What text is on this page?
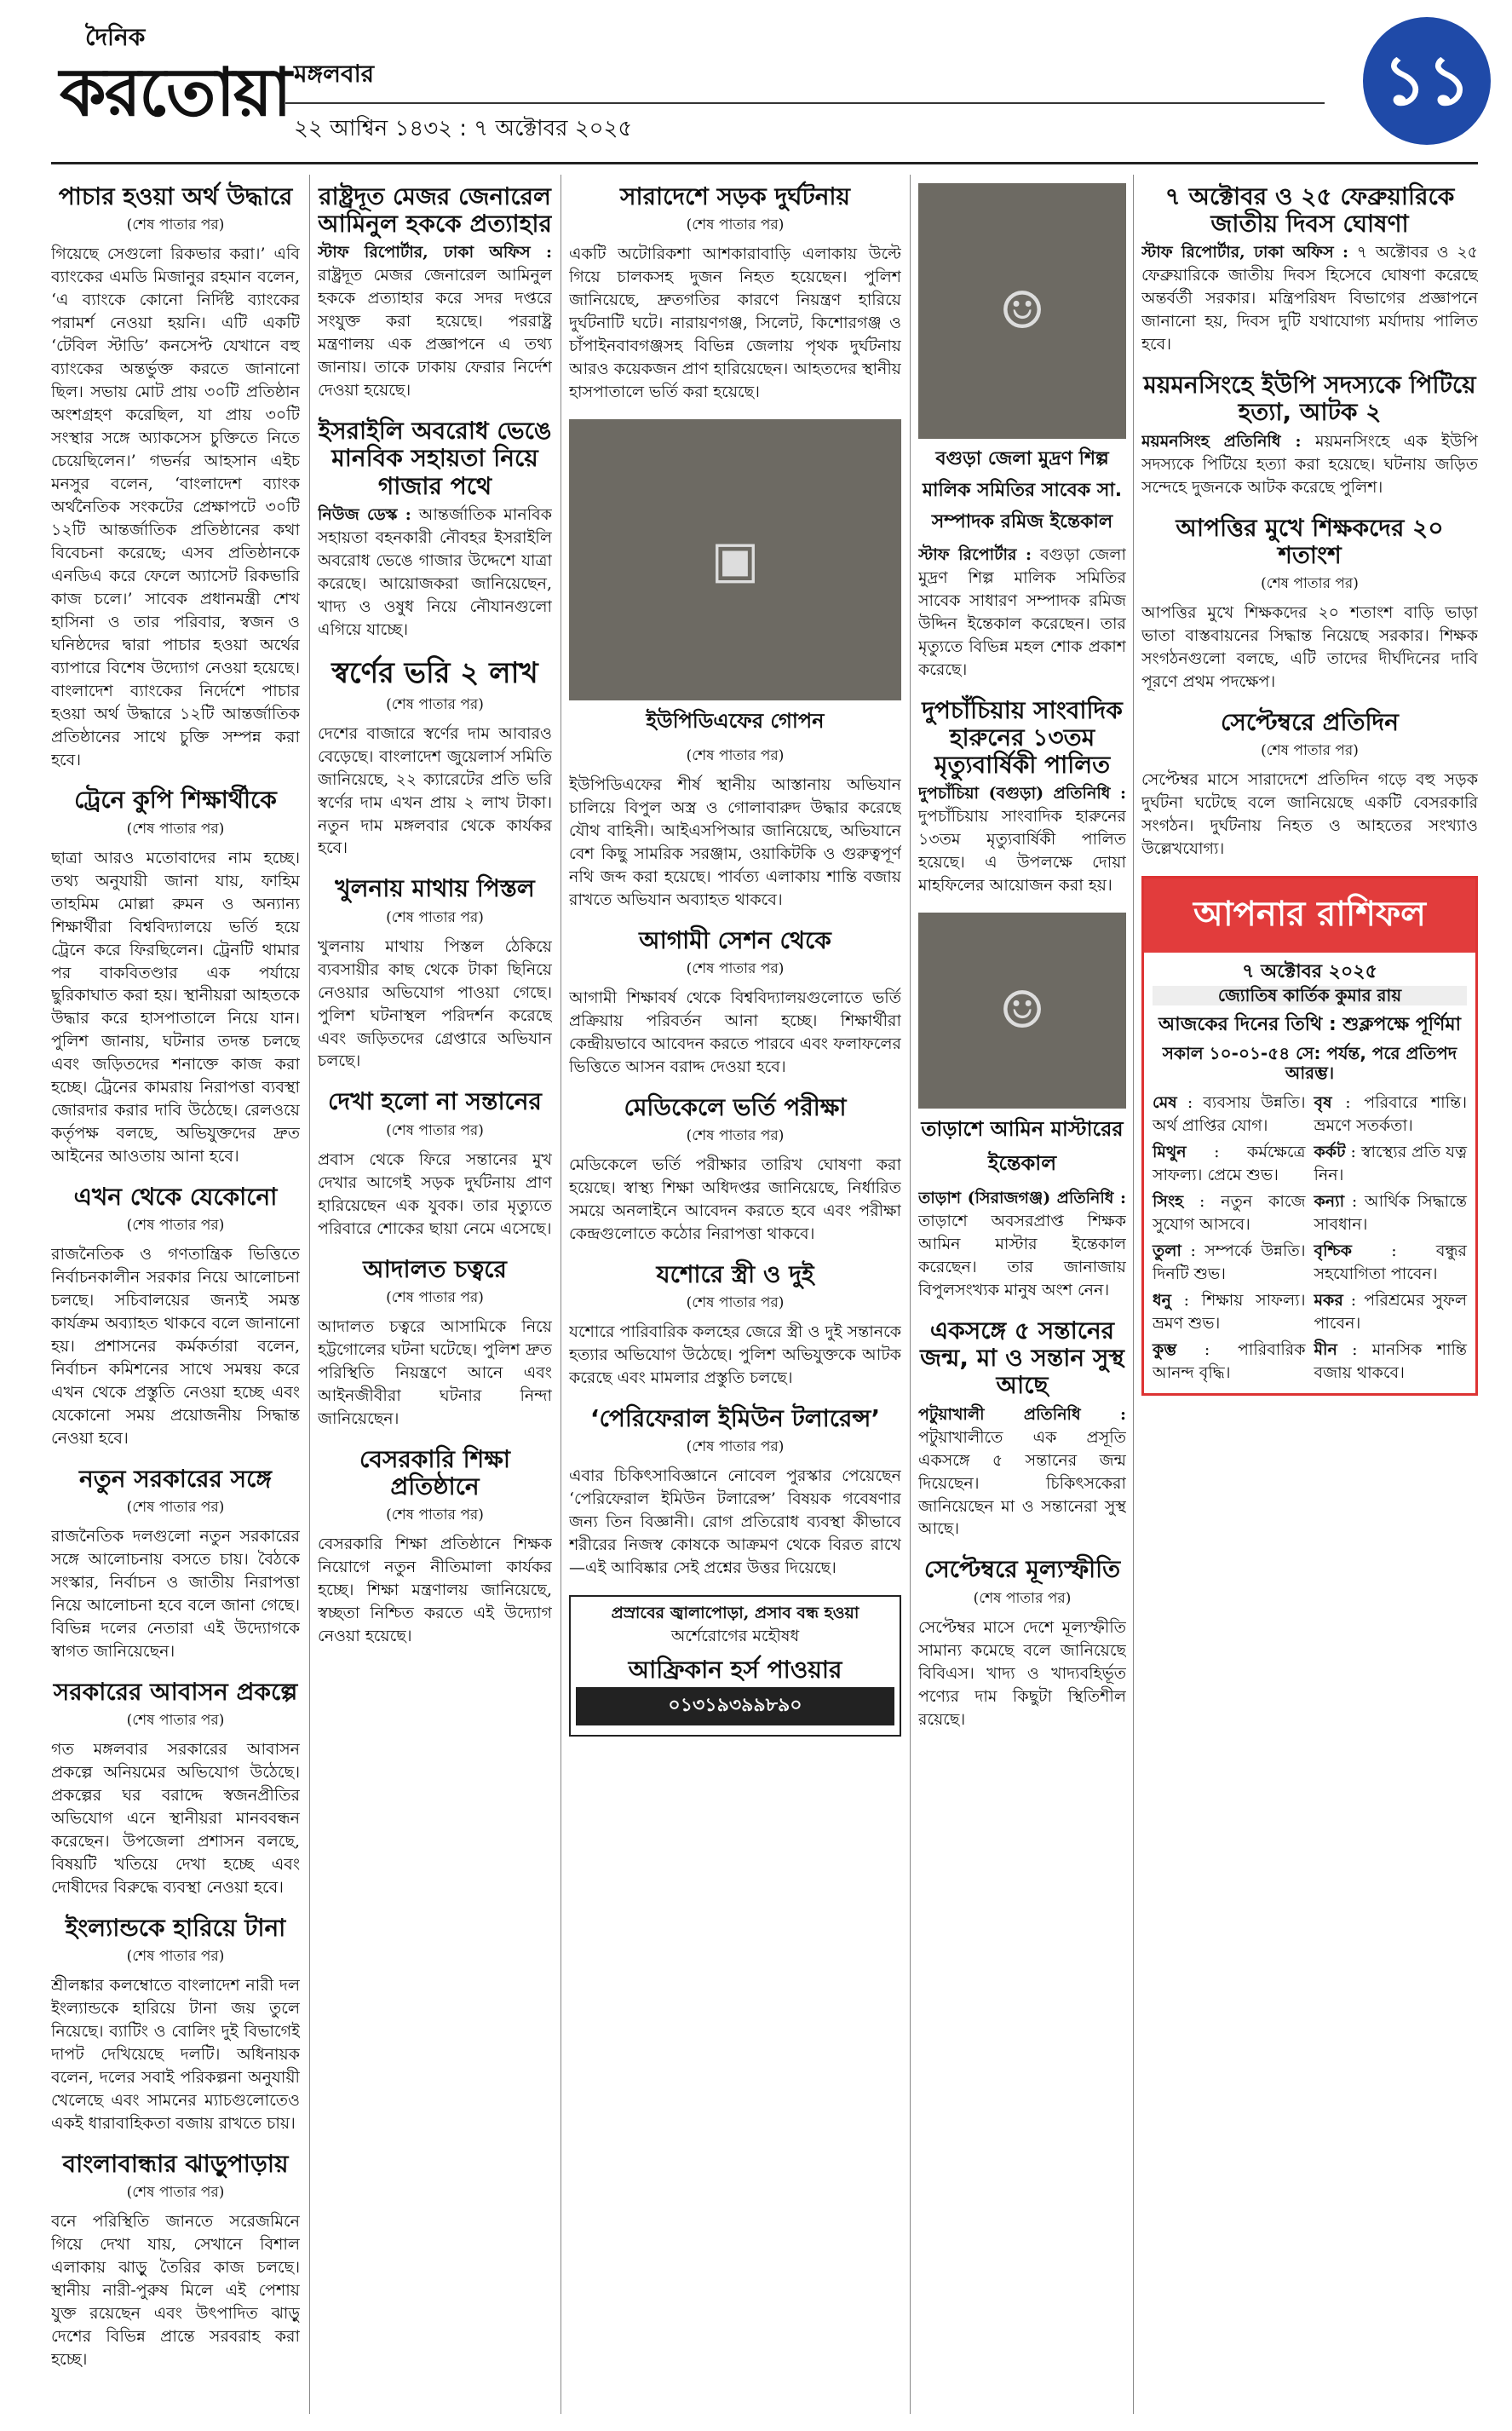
দৈনিক
করতোয়া মঙ্গলবার
২২ আশ্বিন ১৪৩২ : ৭ অক্টোবর ২০২৫
১১
পাচার হওয়া অর্থ উদ্ধারে
(শেষ পাতার পর)

গিয়েছে সেগুলো রিকভার করা।’ এবি ব্যাংকের এমডি মিজানুর রহমান বলেন, ‘এ ব্যাংকে কোনো নির্দিষ্ট ব্যাংকের পরামর্শ নেওয়া হয়নি। এটি একটি ‘টেবিল স্টাডি’ কনসেপ্ট যেখানে বহু ব্যাংকের অন্তর্ভুক্ত করতে জানানো ছিল। সভায় মোট প্রায় ৩০টি প্রতিষ্ঠান অংশগ্রহণ করেছিল, যা প্রায় ৩০টি সংস্থার সঙ্গে অ্যাকসেস চুক্তিতে নিতে চেয়েছিলেন।’ গভর্নর আহসান এইচ মনসুর বলেন, ‘বাংলাদেশ ব্যাংক অর্থনৈতিক সংকটের প্রেক্ষাপটে ৩০টি ১২টি আন্তর্জাতিক প্রতিষ্ঠানের কথা বিবেচনা করেছে; এসব প্রতিষ্ঠানকে এনডিএ করে ফেলে অ্যাসেট রিকভারি কাজ চলে।’ সাবেক প্রধানমন্ত্রী শেখ হাসিনা ও তার পরিবার, স্বজন ও ঘনিষ্ঠদের দ্বারা পাচার হওয়া অর্থের ব্যাপারে বিশেষ উদ্যোগ নেওয়া হয়েছে। বাংলাদেশ ব্যাংকের নির্দেশে পাচার হওয়া অর্থ উদ্ধারে ১২টি আন্তর্জাতিক প্রতিষ্ঠানের সাথে চুক্তি সম্পন্ন করা হবে।

ট্রেনে কুপি শিক্ষার্থীকে
(শেষ পাতার পর)

ছাত্রা আরও মতোবাদের নাম হচ্ছে। তথ্য অনুযায়ী জানা যায়, ফাহিম তাহমিম মোল্লা রুমন ও অন্যান্য শিক্ষার্থীরা বিশ্ববিদ্যালয়ে ভর্তি হয়ে ট্রেনে করে ফিরছিলেন। ট্রেনটি থামার পর বাকবিতণ্ডার এক পর্যায়ে ছুরিকাঘাত করা হয়। স্থানীয়রা আহতকে উদ্ধার করে হাসপাতালে নিয়ে যান। পুলিশ জানায়, ঘটনার তদন্ত চলছে এবং জড়িতদের শনাক্তে কাজ করা হচ্ছে। ট্রেনের কামরায় নিরাপত্তা ব্যবস্থা জোরদার করার দাবি উঠেছে। রেলওয়ে কর্তৃপক্ষ বলছে, অভিযুক্তদের দ্রুত আইনের আওতায় আনা হবে।

এখন থেকে যেকোনো
(শেষ পাতার পর)

রাজনৈতিক ও গণতান্ত্রিক ভিত্তিতে নির্বাচনকালীন সরকার নিয়ে আলোচনা চলছে। সচিবালয়ের জন্যই সমস্ত কার্যক্রম অব্যাহত থাকবে বলে জানানো হয়। প্রশাসনের কর্মকর্তারা বলেন, নির্বাচন কমিশনের সাথে সমন্বয় করে এখন থেকে প্রস্তুতি নেওয়া হচ্ছে এবং যেকোনো সময় প্রয়োজনীয় সিদ্ধান্ত নেওয়া হবে।

নতুন সরকারের সঙ্গে
(শেষ পাতার পর)

রাজনৈতিক দলগুলো নতুন সরকারের সঙ্গে আলোচনায় বসতে চায়। বৈঠকে সংস্কার, নির্বাচন ও জাতীয় নিরাপত্তা নিয়ে আলোচনা হবে বলে জানা গেছে। বিভিন্ন দলের নেতারা এই উদ্যোগকে স্বাগত জানিয়েছেন।

সরকারের আবাসন প্রকল্পে
(শেষ পাতার পর)

গত মঙ্গলবার সরকারের আবাসন প্রকল্পে অনিয়মের অভিযোগ উঠেছে। প্রকল্পের ঘর বরাদ্দে স্বজনপ্রীতির অভিযোগ এনে স্থানীয়রা মানববন্ধন করেছেন। উপজেলা প্রশাসন বলছে, বিষয়টি খতিয়ে দেখা হচ্ছে এবং দোষীদের বিরুদ্ধে ব্যবস্থা নেওয়া হবে।

ইংল্যান্ডকে হারিয়ে টানা
(শেষ পাতার পর)

শ্রীলঙ্কার কলম্বোতে বাংলাদেশ নারী দল ইংল্যান্ডকে হারিয়ে টানা জয় তুলে নিয়েছে। ব্যাটিং ও বোলিং দুই বিভাগেই দাপট দেখিয়েছে দলটি। অধিনায়ক বলেন, দলের সবাই পরিকল্পনা অনুযায়ী খেলেছে এবং সামনের ম্যাচগুলোতেও একই ধারাবাহিকতা বজায় রাখতে চায়।

বাংলাবান্ধার ঝাড়ুপাড়ায়
(শেষ পাতার পর)

বনে পরিস্থিতি জানতে সরেজমিনে গিয়ে দেখা যায়, সেখানে বিশাল এলাকায় ঝাড়ু তৈরির কাজ চলছে। স্থানীয় নারী-পুরুষ মিলে এই পেশায় যুক্ত রয়েছেন এবং উৎপাদিত ঝাড়ু দেশের বিভিন্ন প্রান্তে সরবরাহ করা হচ্ছে।

রাষ্ট্রদূত মেজর জেনারেল আমিনুল হককে প্রত্যাহার

স্টাফ রিপোর্টার, ঢাকা অফিস : রাষ্ট্রদূত মেজর জেনারেল আমিনুল হককে প্রত্যাহার করে সদর দপ্তরে সংযুক্ত করা হয়েছে। পররাষ্ট্র মন্ত্রণালয় এক প্রজ্ঞাপনে এ তথ্য জানায়। তাকে ঢাকায় ফেরার নির্দেশ দেওয়া হয়েছে।

ইসরাইলি অবরোধ ভেঙে মানবিক সহায়তা নিয়ে গাজার পথে

নিউজ ডেস্ক : আন্তর্জাতিক মানবিক সহায়তা বহনকারী নৌবহর ইসরাইলি অবরোধ ভেঙে গাজার উদ্দেশে যাত্রা করেছে। আয়োজকরা জানিয়েছেন, খাদ্য ও ওষুধ নিয়ে নৌযানগুলো এগিয়ে যাচ্ছে।

স্বর্ণের ভরি ২ লাখ
(শেষ পাতার পর)

দেশের বাজারে স্বর্ণের দাম আবারও বেড়েছে। বাংলাদেশ জুয়েলার্স সমিতি জানিয়েছে, ২২ ক্যারেটের প্রতি ভরি স্বর্ণের দাম এখন প্রায় ২ লাখ টাকা। নতুন দাম মঙ্গলবার থেকে কার্যকর হবে।

খুলনায় মাথায় পিস্তল
(শেষ পাতার পর)

খুলনায় মাথায় পিস্তল ঠেকিয়ে ব্যবসায়ীর কাছ থেকে টাকা ছিনিয়ে নেওয়ার অভিযোগ পাওয়া গেছে। পুলিশ ঘটনাস্থল পরিদর্শন করেছে এবং জড়িতদের গ্রেপ্তারে অভিযান চলছে।

দেখা হলো না সন্তানের
(শেষ পাতার পর)

প্রবাস থেকে ফিরে সন্তানের মুখ দেখার আগেই সড়ক দুর্ঘটনায় প্রাণ হারিয়েছেন এক যুবক। তার মৃত্যুতে পরিবারে শোকের ছায়া নেমে এসেছে।

আদালত চত্বরে
(শেষ পাতার পর)

আদালত চত্বরে আসামিকে নিয়ে হট্টগোলের ঘটনা ঘটেছে। পুলিশ দ্রুত পরিস্থিতি নিয়ন্ত্রণে আনে এবং আইনজীবীরা ঘটনার নিন্দা জানিয়েছেন।

বেসরকারি শিক্ষা প্রতিষ্ঠানে
(শেষ পাতার পর)

বেসরকারি শিক্ষা প্রতিষ্ঠানে শিক্ষক নিয়োগে নতুন নীতিমালা কার্যকর হচ্ছে। শিক্ষা মন্ত্রণালয় জানিয়েছে, স্বচ্ছতা নিশ্চিত করতে এই উদ্যোগ নেওয়া হয়েছে।

সারাদেশে সড়ক দুর্ঘটনায়
(শেষ পাতার পর)

একটি অটোরিকশা আশকারাবাড়ি এলাকায় উল্টে গিয়ে চালকসহ দুজন নিহত হয়েছেন। পুলিশ জানিয়েছে, দ্রুতগতির কারণে নিয়ন্ত্রণ হারিয়ে দুর্ঘটনাটি ঘটে। নারায়ণগঞ্জ, সিলেট, কিশোরগঞ্জ ও চাঁপাইনবাবগঞ্জসহ বিভিন্ন জেলায় পৃথক দুর্ঘটনায় আরও কয়েকজন প্রাণ হারিয়েছেন। আহতদের স্থানীয় হাসপাতালে ভর্তি করা হয়েছে।

▣
ইউপিডিএফের গোপন
(শেষ পাতার পর)

ইউপিডিএফের শীর্ষ স্থানীয় আস্তানায় অভিযান চালিয়ে বিপুল অস্ত্র ও গোলাবারুদ উদ্ধার করেছে যৌথ বাহিনী। আইএসপিআর জানিয়েছে, অভিযানে বেশ কিছু সামরিক সরঞ্জাম, ওয়াকিটকি ও গুরুত্বপূর্ণ নথি জব্দ করা হয়েছে। পার্বত্য এলাকায় শান্তি বজায় রাখতে অভিযান অব্যাহত থাকবে।

আগামী সেশন থেকে
(শেষ পাতার পর)

আগামী শিক্ষাবর্ষ থেকে বিশ্ববিদ্যালয়গুলোতে ভর্তি প্রক্রিয়ায় পরিবর্তন আনা হচ্ছে। শিক্ষার্থীরা কেন্দ্রীয়ভাবে আবেদন করতে পারবে এবং ফলাফলের ভিত্তিতে আসন বরাদ্দ দেওয়া হবে।

মেডিকেলে ভর্তি পরীক্ষা
(শেষ পাতার পর)

মেডিকেলে ভর্তি পরীক্ষার তারিখ ঘোষণা করা হয়েছে। স্বাস্থ্য শিক্ষা অধিদপ্তর জানিয়েছে, নির্ধারিত সময়ে অনলাইনে আবেদন করতে হবে এবং পরীক্ষা কেন্দ্রগুলোতে কঠোর নিরাপত্তা থাকবে।

যশোরে স্ত্রী ও দুই
(শেষ পাতার পর)

যশোরে পারিবারিক কলহের জেরে স্ত্রী ও দুই সন্তানকে হত্যার অভিযোগ উঠেছে। পুলিশ অভিযুক্তকে আটক করেছে এবং মামলার প্রস্তুতি চলছে।

‘পেরিফেরাল ইমিউন টলারেন্স’
(শেষ পাতার পর)

এবার চিকিৎসাবিজ্ঞানে নোবেল পুরস্কার পেয়েছেন ‘পেরিফেরাল ইমিউন টলারেন্স’ বিষয়ক গবেষণার জন্য তিন বিজ্ঞানী। রোগ প্রতিরোধ ব্যবস্থা কীভাবে শরীরের নিজস্ব কোষকে আক্রমণ থেকে বিরত রাখে—এই আবিষ্কার সেই প্রশ্নের উত্তর দিয়েছে।

প্রস্রাবের জ্বালাপোড়া, প্রসাব বন্ধ হওয়া
অর্শেরোগের মহৌষধ
আফ্রিকান হর্স পাওয়ার
০১৩১৯৩৯৯৮৯০
☺
বগুড়া জেলা মুদ্রণ শিল্প মালিক সমিতির সাবেক সা. সম্পাদক রমিজ ইন্তেকাল

স্টাফ রিপোর্টার : বগুড়া জেলা মুদ্রণ শিল্প মালিক সমিতির সাবেক সাধারণ সম্পাদক রমিজ উদ্দিন ইন্তেকাল করেছেন। তার মৃত্যুতে বিভিন্ন মহল শোক প্রকাশ করেছে।

দুপচাঁচিয়ায় সাংবাদিক হারুনের ১৩তম মৃত্যুবার্ষিকী পালিত

দুপচাঁচিয়া (বগুড়া) প্রতিনিধি : দুপচাঁচিয়ায় সাংবাদিক হারুনের ১৩তম মৃত্যুবার্ষিকী পালিত হয়েছে। এ উপলক্ষে দোয়া মাহফিলের আয়োজন করা হয়।

☺
তাড়াশে আমিন মাস্টারের ইন্তেকাল

তাড়াশ (সিরাজগঞ্জ) প্রতিনিধি : তাড়াশে অবসরপ্রাপ্ত শিক্ষক আমিন মাস্টার ইন্তেকাল করেছেন। তার জানাজায় বিপুলসংখ্যক মানুষ অংশ নেন।

একসঙ্গে ৫ সন্তানের জন্ম, মা ও সন্তান সুস্থ আছে

পটুয়াখালী প্রতিনিধি : পটুয়াখালীতে এক প্রসূতি একসঙ্গে ৫ সন্তানের জন্ম দিয়েছেন। চিকিৎসকেরা জানিয়েছেন মা ও সন্তানেরা সুস্থ আছে।

সেপ্টেম্বরে মূল্যস্ফীতি
(শেষ পাতার পর)

সেপ্টেম্বর মাসে দেশে মূল্যস্ফীতি সামান্য কমেছে বলে জানিয়েছে বিবিএস। খাদ্য ও খাদ্যবহির্ভূত পণ্যের দাম কিছুটা স্থিতিশীল রয়েছে।

৭ অক্টোবর ও ২৫ ফেব্রুয়ারিকে জাতীয় দিবস ঘোষণা

স্টাফ রিপোর্টার, ঢাকা অফিস : ৭ অক্টোবর ও ২৫ ফেব্রুয়ারিকে জাতীয় দিবস হিসেবে ঘোষণা করেছে অন্তর্বর্তী সরকার। মন্ত্রিপরিষদ বিভাগের প্রজ্ঞাপনে জানানো হয়, দিবস দুটি যথাযোগ্য মর্যাদায় পালিত হবে।

ময়মনসিংহে ইউপি সদস্যকে পিটিয়ে হত্যা, আটক ২

ময়মনসিংহ প্রতিনিধি : ময়মনসিংহে এক ইউপি সদস্যকে পিটিয়ে হত্যা করা হয়েছে। ঘটনায় জড়িত সন্দেহে দুজনকে আটক করেছে পুলিশ।

আপত্তির মুখে শিক্ষকদের ২০ শতাংশ
(শেষ পাতার পর)

আপত্তির মুখে শিক্ষকদের ২০ শতাংশ বাড়ি ভাড়া ভাতা বাস্তবায়নের সিদ্ধান্ত নিয়েছে সরকার। শিক্ষক সংগঠনগুলো বলছে, এটি তাদের দীর্ঘদিনের দাবি পূরণে প্রথম পদক্ষেপ।

সেপ্টেম্বরে প্রতিদিন
(শেষ পাতার পর)

সেপ্টেম্বর মাসে সারাদেশে প্রতিদিন গড়ে বহু সড়ক দুর্ঘটনা ঘটেছে বলে জানিয়েছে একটি বেসরকারি সংগঠন। দুর্ঘটনায় নিহত ও আহতের সংখ্যাও উল্লেখযোগ্য।

আপনার রাশিফল
৭ অক্টোবর ২০২৫
জ্যোতিষ কার্তিক কুমার রায়
আজকের দিনের তিথি : শুক্লপক্ষে পূর্ণিমা
সকাল ১০-০১-৫৪ সে: পর্যন্ত, পরে প্রতিপদ আরম্ভ।
মেষ : ব্যবসায় উন্নতি। অর্থ প্রাপ্তির যোগ।
বৃষ : পরিবারে শান্তি। ভ্রমণে সতর্কতা।
মিথুন : কর্মক্ষেত্রে সাফল্য। প্রেমে শুভ।
কর্কট : স্বাস্থ্যের প্রতি যত্ন নিন।
সিংহ : নতুন কাজে সুযোগ আসবে।
কন্যা : আর্থিক সিদ্ধান্তে সাবধান।
তুলা : সম্পর্কে উন্নতি। দিনটি শুভ।
বৃশ্চিক : বন্ধুর সহযোগিতা পাবেন।
ধনু : শিক্ষায় সাফল্য। ভ্রমণ শুভ।
মকর : পরিশ্রমের সুফল পাবেন।
কুম্ভ : পারিবারিক আনন্দ বৃদ্ধি।
মীন : মানসিক শান্তি বজায় থাকবে।
